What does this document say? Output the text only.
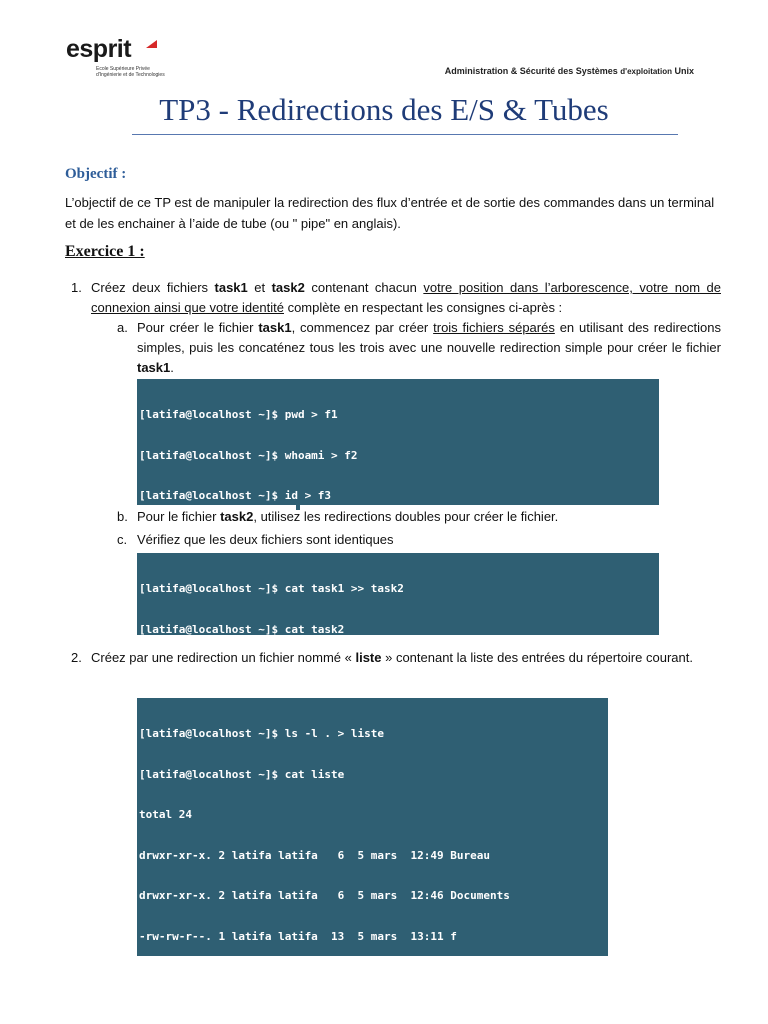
esprit
Ecole Supérieure Privée
d'Ingénierie et de Technologies	Administration & Sécurité des Systèmes d'exploitation Unix
TP3 - Redirections des E/S & Tubes
Objectif :
L’objectif de ce TP est de manipuler la redirection des flux d’entrée et de sortie des commandes dans un terminal et de les enchainer à l’aide de tube (ou " pipe" en anglais).
Exercice 1 :
1. Créez deux fichiers task1 et task2 contenant chacun votre position dans l’arborescence, votre nom de connexion ainsi que votre identité complète en respectant les consignes ci-après :
a. Pour créer le fichier task1, commencez par créer trois fichiers séparés en utilisant des redirections simples, puis les concaténez tous les trois avec une nouvelle redirection simple pour créer le fichier task1.

[latifa@localhost ~]$ pwd > f1

[latifa@localhost ~]$ whoami > f2

[latifa@localhost ~]$ id > f3

b. Pour le fichier task2, utilisez les redirections doubles pour créer le fichier.
c. Vérifiez que les deux fichiers sont identiques

[latifa@localhost ~]$ cat task1 >> task2

[latifa@localhost ~]$ cat task2

2. Créez par une redirection un fichier nommé « liste » contenant la liste des entrées du répertoire courant.

[latifa@localhost ~]$ ls -l . > liste

[latifa@localhost ~]$ cat liste

total 24

drwxr-xr-x. 2 latifa latifa   6  5 mars  12:49 Bureau

drwxr-xr-x. 2 latifa latifa   6  5 mars  12:46 Documents

-rw-rw-r--. 1 latifa latifa  13  5 mars  13:11 f
